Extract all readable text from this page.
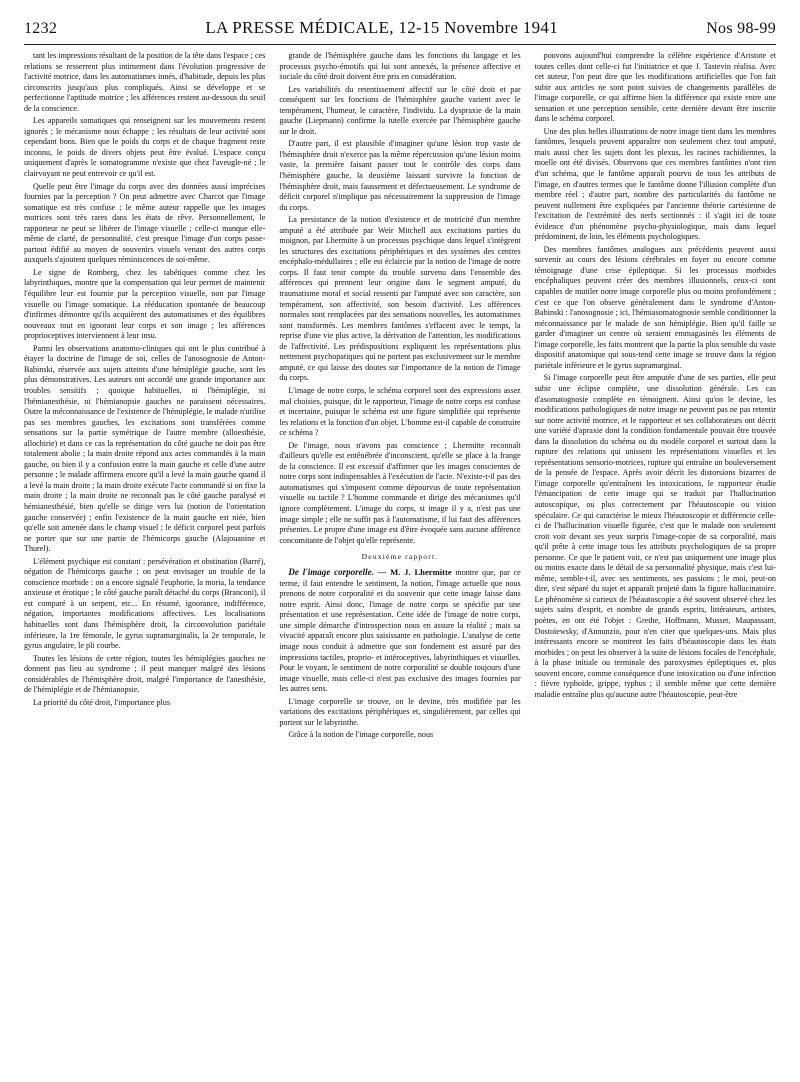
1232	LA PRESSE MÉDICALE, 12-15 Novembre 1941	Nos 98-99

tant les impressions résultant de la position de la tête dans l'espace ; ces relations se resserrent plus intimement dans l'évolution progressive de l'activité motrice, dans les automatismes innés, d'habitude, depuis les plus circonscrits jusqu'aux plus compliqués. Ainsi se développe et se perfectionne l'aptitude motrice ; les afférences restent au-dessous du seuil de la conscience.

Les appareils somatiques qui renseignent sur les mouvements restent ignorés ; le mécanisme nous échappe ; les résultats de leur activité sont cependant bons. Bien que le poids du corps et de chaque fragment reste inconnu, le poids de divers objets peut être évalué. L'espace conçu uniquement d'après le somatogramme n'existe que chez l'aveugle-né ; le clairvoyant ne peut entrevoir ce qu'il est.

Quelle peut être l'image du corps avec des données aussi imprécises fournies par la perception ? On peut admettre avec Charcot que l'image somatique est très confuse ; le même auteur rappelle que les images motrices sont très rares dans les états de rêve. Personnellement, le rapporteur ne peut se libérer de l'image visuelle ; celle-ci manque elle-même de clarté, de personnalité, c'est presque l'image d'un corps passe-partout édifié au moyen de souvenirs visuels venant des autres corps auxquels s'ajoutent quelques réminiscences de soi-même.

Le signe de Romberg, chez les tabétiques comme chez les labyrinthiques, montre que la compensation qui leur permet de maintenir l'équilibre leur est fournie par la perception visuelle, non par l'image visuelle ou l'image somatique. La rééducation spontanée de beaucoup d'infirmes démontre qu'ils acquièrent des automatismes et des équilibres nouveaux tout en ignorant leur corps et son image ; les afférences proprioceptives interviennent à leur insu.

Parmi les observations anatomo-cliniques qui ont le plus contribué à étayer la doctrine de l'image de soi, celles de l'anosognosie de Anton-Babinski, réservée aux sujets atteints d'une hémiplégie gauche, sont les plus démonstratives. Les auteurs ont accordé une grande importance aux troubles sensitifs ; quoique habituelles, ni l'hémiplégie, ni l'hémianesthésie, ni l'hémianopsie gauches ne paraissent nécessaires. Outre la méconnaissance de l'existence de l'hémiplégie, le malade n'utilise pas ses membres gauches, les excitations sont transférées comme sensations sur la partie symétrique de l'autre membre (alloesthésie, allochirie) et dans ce cas la représentation du côté gauche ne doit pas être totalement abolie ; la main droite répond aux actes commandés à la main gauche, ou bien il y a confusion entre la main gauche et celle d'une autre personne ; le malade affirmera encore qu'il a levé la main gauche quand il a levé la main droite ; la main droite exécute l'acte commandé si on fixe la main droite ; la main droite ne reconnaît pas le côté gauche paralysé et hémianesthésié, bien qu'elle se dirige vers lui (notion de l'orientation gauche conservée) ; enfin l'existence de la main gauche est niée, bien qu'elle soit amenée dans le champ visuel ; le déficit corporel peut parfois ne porter que sur une partie de l'hémicorps gauche (Alajouanine et Thurel).

L'élément psychique est constant : persévération et obstination (Barré), négation de l'hémicorps gauche ; on peut envisager un trouble de la conscience morbide : on a encore signalé l'euphorie, la moria, la tendance anxieuse et érotique ; le côté gauche paraît détaché du corps (Branconi), il est comparé à un serpent, etc... En résumé, ignorance, indifférence, négation, importantes modifications affectives. Les localisations habituelles sont dans l'hémisphère droit, la circonvolution pariétale inférieure, la 1re fémorale, le gyrus supramarginalis, la 2e temporale, le gyrus angulaire, le pli courbe.

Toutes les lésions de cette région, toutes les hémiplégies gauches ne donnent pas lieu au syndrome ; il peut manquer malgré des lésions considérables de l'hémisphère droit, malgré l'importance de l'anesthésie, de l'hémiplégie et de l'hémianopsie.

La priorité du côté droit, l'importance plus

grande de l'hémisphère gauche dans les fonctions du langage et les processus psycho-émotifs qui lui sont annexés, la présence affective et sociale du côté droit doivent être pris en considération.

Les variabilités du retentissement affectif sur le côté droit et par conséquent sur les fonctions de l'hémisphère gauche varient avec le tempérament, l'humeur, le caractère, l'individu. La dyspraxie de la main gauche (Liepmann) confirme la tutelle exercée par l'hémisphère gauche sur le droit.

D'autre part, il est plausible d'imaginer qu'une lésion trop vaste de l'hémisphère droit n'exerce pas la même répercussion qu'une lésion moins vaste, la première faisant passer tout le contrôle des corps dans l'hémisphère gauche, la deuxième laissant survivre la fonction de l'hémisphère droit, mais faussement et défectueusement. Le syndrome de déficit corporel n'implique pas nécessairement la suppression de l'image du corps.

La persistance de la notion d'existence et de motricité d'un membre amputé a été attribuée par Weir Mitchell aux excitations parties du moignon, par Lhermitte à un processus psychique dans lequel s'intègrent les structures des excitations périphériques et des systèmes des centres encéphalo-médullaires ; elle est éclaircie par la notion de l'image de notre corps. Il faut tenir compte du trouble survenu dans l'ensemble des afférences qui prennent leur origine dans le segment amputé, du traumatisme moral et social ressenti par l'amputé avec son caractère, son tempérament, son affectivité, son besoin d'activité. Les afférences normales sont remplacées par des sensations nouvelles, les automatismes sont transformés. Les membres fantômes s'effacent avec le temps, la reprise d'une vie plus active, la dérivation de l'attention, les modifications de l'affectivité. Les prédispositions expliquent les représentations plus nettement psychopatiques qui ne portent pas exclusivement sur le membre amputé, ce qui laisse des doutes sur l'importance de la notion de l'image du corps.

L'image de notre corps, le schéma corporel sont des expressions assez mal choisies, puisque, dit le rapporteur, l'image de notre corps est confuse et incertaine, puisque le schéma est une figure simplifiée qui représente les relations et la fonction d'un objet. L'homme est-il capable de construire ce schéma ?

De l'image, nous n'avons pas conscience ; Lhermitte reconnaît d'ailleurs qu'elle est entênébrée d'inconscient, qu'elle se place à la frange de la conscience. Il est excessif d'affirmer que les images conscientes de notre corps sont indispensables à l'exécution de l'acte. N'existe-t-il pas des automatismes qui s'imposent comme dépourvus de toute représentation visuelle ou tactile ? L'homme commande et dirige des mécanismes qu'il ignore complètement. L'image du corps, si image il y a, n'est pas une image simple ; elle ne suffit pas à l'automatisme, il lui faut des afférences présentes. Le propre d'une image est d'être évoquée sans aucune afférence concomitante de l'objet qu'elle représente.

Deuxième rapport.

De l'image corporelle. — M. J. Lhermitte montre que, par ce terme, il faut entendre le sentiment, la notion, l'image actuelle que nous prenons de notre corporalité et du souvenir que cette image laisse dans notre esprit. Ainsi donc, l'image de notre corps se spécifie par une présentation et une représentation. Cette idée de l'image de notre corps, une simple démarche d'introspection nous en assure la réalité ; mais sa vivacité apparaît encore plus saisissante en pathologie. L'analyse de cette image nous conduit à admettre que son fondement est assuré par des impressions tactiles, proprio- et intéroceptives, labyrinthiques et visuelles. Pour le voyant, le sentiment de notre corporalité se double toujours d'une image visuelle, mais celle-ci n'est pas exclusive des images fournies par les autres sens.

L'image corporelle se trouve, on le devine, très modifiée par les variations des excitations périphériques et, singulièrement, par celles qui portent sur le labyrinthe.

Grâce à la notion de l'image corporelle, nous

pouvons aujourd'hui comprendre la célèbre expérience d'Aristote et toutes celles dont celle-ci fut l'initiatrice et que J. Tastevin réalisa. Avec cet auteur, l'on peut dire que les modifications artificielles que l'on fait subir aux articles ne sont point suivies de changements parallèles de l'image corporelle, ce qui affirme bien la différence qui existe entre une sensation et une perception sensible, cette dernière devant être inscrite dans le schéma corporel.

Une des plus belles illustrations de notre image tient dans les membres fantômes, lesquels peuvent apparaître non seulement chez tout amputé, mais aussi chez les sujets dont les plexus, les racines rachidiennes, la moelle ont été divisés. Observons que ces membres fantômes n'ont rien d'un schéma, que le fantôme apparaît pourvu de tous les attributs de l'image, en d'autres termes que le fantôme donne l'illusion complète d'un membre réel ; d'autre part, nombre des particularités du fantôme ne peuvent nullement être expliquées par l'ancienne théorie cartésienne de l'excitation de l'extrémité des nerfs sectionnés : il s'agit ici de toute évidence d'un phénomène psycho-physiologique, mais dans lequel prédominent, de loin, les éléments psychologiques.

Des membres fantômes analogues aux précédents peuvent aussi survenir au cours des lésions cérébrales en foyer ou encore comme témoignage d'une crise épileptique. Si les processus morbides encéphaliques peuvent créer des membres illusionnels, ceux-ci sont capables de mutiler notre image corporelle plus ou moins profondément ; c'est ce que l'on observe généralement dans le syndrome d'Anton-Babinski : l'anosognosie ; ici, l'hémiasomatognosie semble conditionner la méconnaissance par le malade de son hémiplégie. Bien qu'il faille se garder d'imaginer un centre où seraient emmagasinés les éléments de l'image corporelle, les faits montrent que la partie la plus sensible du vaste dispositif anatomique qui sous-tend cette image se trouve dans la région pariétale inférieure et le gyrus supramarginal.

Si l'image corporelle peut être amputée d'une de ses parties, elle peut subir une éclipse complète, une dissolution générale. Les cas d'asomatognosie complète en témoignent. Ainsi qu'on le devine, les modifications pathologiques de notre image ne peuvent pas ne pas retentir sur notre activité motrice, et le rapporteur et ses collaborateurs ont décrit une variété d'apraxie dont la condition fondamentale pouvait être trouvée dans la dissolution du schéma ou du modèle corporel et surtout dans la rupture des relations qui unissent les représentations visuelles et les représentations sensorio-motrices, rupture qui entraîne un bouleversement de la pensée de l'espace. Après avoir décrit les distorsions bizarres de l'image corporelle qu'entraînent les intoxications, le rapporteur étudie l'émancipation de cette image qui se traduit par l'hallucination autoscopique, ou plus correctement par l'héautoscopie ou vision spéculaire. Ce qui caractérise le mieux l'héautoscopie et différencie celle-ci de l'hallucination visuelle figurée, c'est que le malade non seulement croit voir devant ses yeux surpris l'image-copie de sa corporalité, mais qu'il prête à cette image tous les attributs psychologiques de sa propre personne. Ce que le patient voit, ce n'est pas uniquement une image plus ou moins exacte dans le détail de sa personnalité physique, mais c'est lui-même, semble-t-il, avec ses sentiments, ses passions ; le moi, peut-on dire, s'est séparé du sujet et apparaît projeté dans la figure hallucinatoire. Le phénomène si curieux de l'héautoscopie a été souvent observé chez les sujets sains d'esprit, et nombre de grands esprits, littérateurs, artistes, poètes, en ont été l'objet : Grethe, Hoffmann, Musset, Maupassant, Dostoïewsky, d'Annunzio, pour n'en citer que quelques-uns. Mais plus intéressants encore se montrent les faits d'héautoscopie dans les états morbides ; on peut les observer à la suite de lésions focales de l'encéphale, à la phase initiale ou terminale des paroxysmes épileptiques et, plus souvent encore, comme conséquence d'une intoxication ou d'une infection : fièvre typhoïde, grippe, typhus ; il semble même que cette dernière maladie entraîne plus qu'aucune autre l'héautoscopie, peut-être
